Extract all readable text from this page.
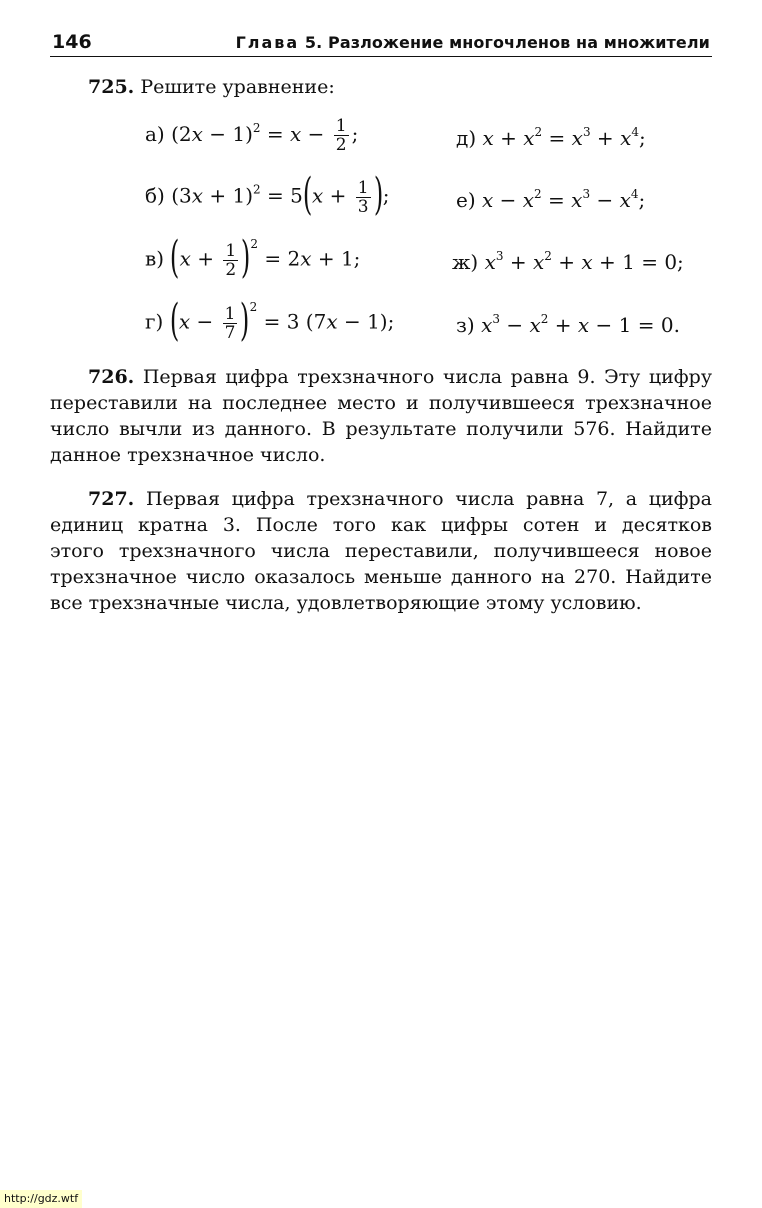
146	Глава 5. Разложение многочленов на множители
725. Решите уравнение:
а) $(2x - 1)^2 = x - \frac{1}{2}$ ;	д) $x + x^2 = x^3 + x^4$;
б) $(3x + 1)^2 = 5(x + \frac{1}{3}$ );	е) $x - x^2 = x^3 - x^4$;
в) $(x + \frac{1}{2} )^2 = 2x + 1$;	ж) $x^3 + x^2 + x + 1 = 0$;
г) $(x - \frac{1}{7} )^2 = 3$ (7x − 1);	з) $x^3 - x^2 + x - 1 = 0$.
726. Первая цифра трехзначного числа равна 9. Эту цифру
переставили на последнее место и получившееся трехзначное
число вычли из данного. В результате получили 576. Найдите
данное трехзначное число.
727. Первая цифра трехзначного числа равна 7, а цифра
единиц кратна 3. После того как цифры сотен и десятков
этого трехзначного числа переставили, получившееся новое
трехзначное число оказалось меньше данного на 270. Найдите
все трехзначные числа, удовлетворяющие этому условию.
http://gdz.wtf
